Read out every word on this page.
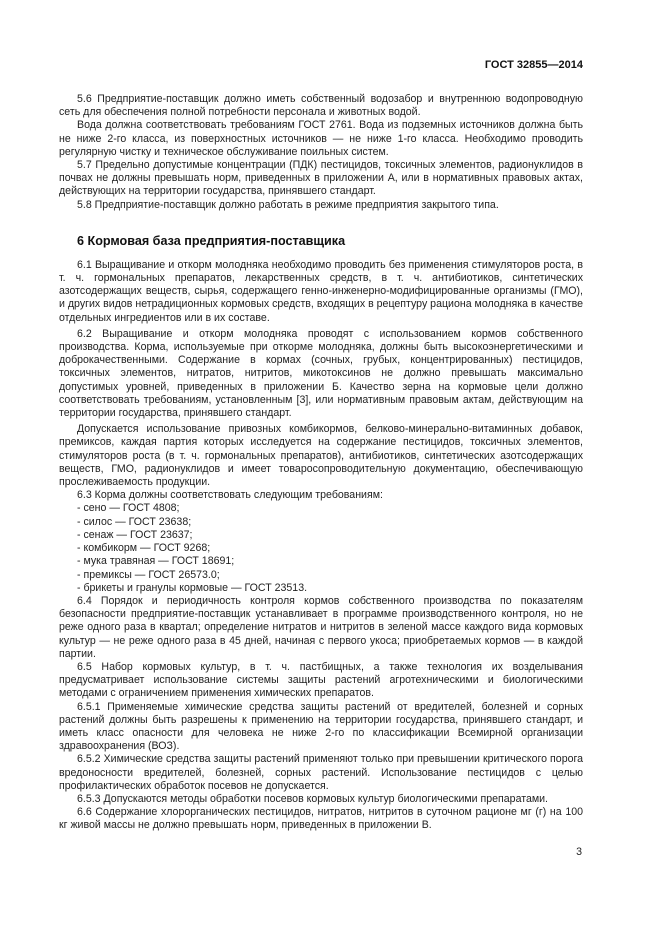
ГОСТ 32855—2014

5.6 Предприятие-поставщик должно иметь собственный водозабор и внутреннюю водопроводную сеть для обеспечения полной потребности персонала и животных водой.

Вода должна соответствовать требованиям ГОСТ 2761. Вода из подземных источников должна быть не ниже 2-го класса, из поверхностных источников — не ниже 1-го класса. Необходимо проводить регулярную чистку и техническое обслуживание поильных систем.

5.7 Предельно допустимые концентрации (ПДК) пестицидов, токсичных элементов, радионуклидов в почвах не должны превышать норм, приведенных в приложении А, или в нормативных правовых актах, действующих на территории государства, принявшего стандарт.

5.8 Предприятие-поставщик должно работать в режиме предприятия закрытого типа.

6 Кормовая база предприятия-поставщика

6.1 Выращивание и откорм молодняка необходимо проводить без применения стимуляторов роста, в т. ч. гормональных препаратов, лекарственных средств, в т. ч. антибиотиков, синтетических азотсодержащих веществ, сырья, содержащего генно-инженерно-модифицированные организмы (ГМО), и других видов нетрадиционных кормовых средств, входящих в рецептуру рациона молодняка в качестве отдельных ингредиентов или в их составе.

6.2 Выращивание и откорм молодняка проводят с использованием кормов собственного производства. Корма, используемые при откорме молодняка, должны быть высокоэнергетическими и доброкачественными. Содержание в кормах (сочных, грубых, концентрированных) пестицидов, токсичных элементов, нитратов, нитритов, микотоксинов не должно превышать максимально допустимых уровней, приведенных в приложении Б. Качество зерна на кормовые цели должно соответствовать требованиям, установленным [3], или нормативным правовым актам, действующим на территории государства, принявшего стандарт.

Допускается использование привозных комбикормов, белково-минерально-витаминных добавок, премиксов, каждая партия которых исследуется на содержание пестицидов, токсичных элементов, стимуляторов роста (в т. ч. гормональных препаратов), антибиотиков, синтетических азотсодержащих веществ, ГМО, радионуклидов и имеет товаросопроводительную документацию, обеспечивающую прослеживаемость продукции.

6.3 Корма должны соответствовать следующим требованиям:

- сено — ГОСТ 4808;

- силос — ГОСТ 23638;

- сенаж — ГОСТ 23637;

- комбикорм — ГОСТ 9268;

- мука травяная — ГОСТ 18691;

- премиксы — ГОСТ 26573.0;

- брикеты и гранулы кормовые — ГОСТ 23513.

6.4 Порядок и периодичность контроля кормов собственного производства по показателям безопасности предприятие-поставщик устанавливает в программе производственного контроля, но не реже одного раза в квартал; определение нитратов и нитритов в зеленой массе каждого вида кормовых культур — не реже одного раза в 45 дней, начиная с первого укоса; приобретаемых кормов — в каждой партии.

6.5 Набор кормовых культур, в т. ч. пастбищных, а также технология их возделывания предусматривает использование системы защиты растений агротехническими и биологическими методами с ограничением применения химических препаратов.

6.5.1 Применяемые химические средства защиты растений от вредителей, болезней и сорных растений должны быть разрешены к применению на территории государства, принявшего стандарт, и иметь класс опасности для человека не ниже 2-го по классификации Всемирной организации здравоохранения (ВОЗ).

6.5.2 Химические средства защиты растений применяют только при превышении критического порога вредоносности вредителей, болезней, сорных растений. Использование пестицидов с целью профилактических обработок посевов не допускается.

6.5.3 Допускаются методы обработки посевов кормовых культур биологическими препаратами.

6.6 Содержание хлорорганических пестицидов, нитратов, нитритов в суточном рационе мг (г) на 100 кг живой массы не должно превышать норм, приведенных в приложении В.

3
